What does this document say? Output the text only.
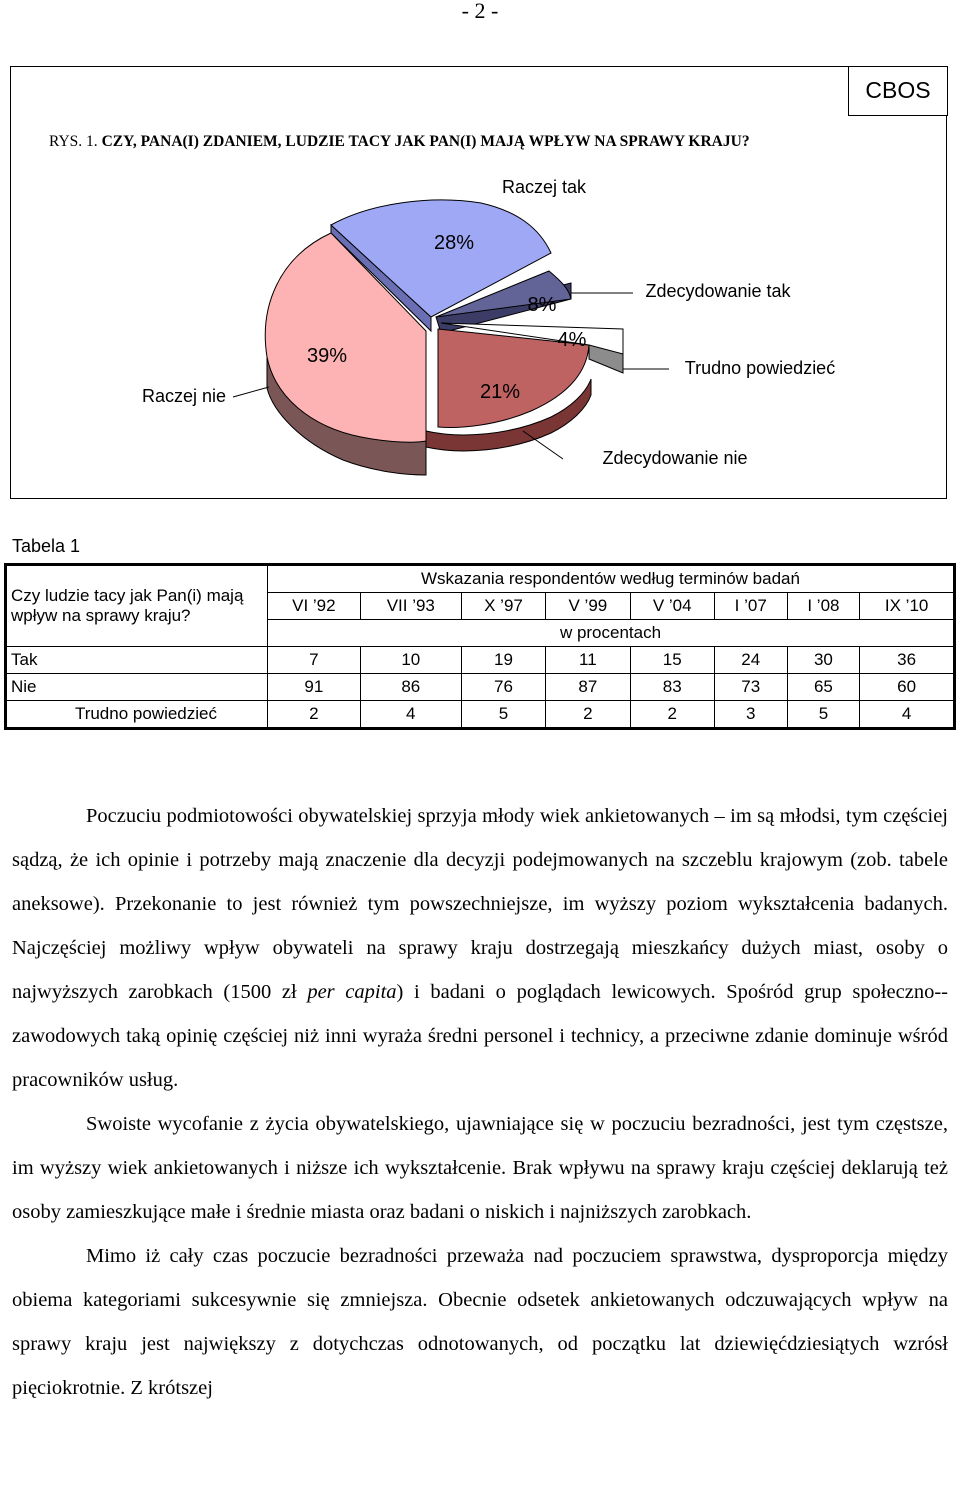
- 2 -
CBOS
RYS. 1. CZY, PANA(I) ZDANIEM, LUDZIE TACY JAK PAN(I) MAJĄ WPŁYW NA SPRAWY KRAJU?
Raczej tak
Zdecydowanie tak
Trudno powiedzieć
Zdecydowanie nie
Raczej nie
28%
8%
4%
21%
39%
Tabela 1
Czy ludzie tacy jak Pan(i) mają wpływ na sprawy kraju?	Wskazania respondentów według terminów badań							
	VI ’92	VII ’93	X ’97	V ’99	V ’04	I ’07	I ’08	IX ’10
	w procentach							
Tak	7	10	19	11	15	24	30	36
Nie	91	86	76	87	83	73	65	60
Trudno powiedzieć	2	4	5	2	2	3	5	4

Poczuciu podmiotowości obywatelskiej sprzyja młody wiek ankietowanych – im są młodsi, tym częściej sądzą, że ich opinie i potrzeby mają znaczenie dla decyzji podejmowanych na szczeblu krajowym (zob. tabele aneksowe). Przekonanie to jest również tym powszechniejsze, im wyższy poziom wykształcenia badanych. Najczęściej możliwy wpływ obywateli na sprawy kraju dostrzegają mieszkańcy dużych miast, osoby o najwyższych zarobkach (1500 zł per capita) i badani o poglądach lewicowych. Spośród grup społeczno--zawodowych taką opinię częściej niż inni wyraża średni personel i technicy, a przeciwne zdanie dominuje wśród pracowników usług.

Swoiste wycofanie z życia obywatelskiego, ujawniające się w poczuciu bezradności, jest tym częstsze, im wyższy wiek ankietowanych i niższe ich wykształcenie. Brak wpływu na sprawy kraju częściej deklarują też osoby zamieszkujące małe i średnie miasta oraz badani o niskich i najniższych zarobkach.

Mimo iż cały czas poczucie bezradności przeważa nad poczuciem sprawstwa, dysproporcja między obiema kategoriami sukcesywnie się zmniejsza. Obecnie odsetek ankietowanych odczuwających wpływ na sprawy kraju jest największy z dotychczas odnotowanych, od początku lat dziewięćdziesiątych wzrósł pięciokrotnie. Z krótszej
